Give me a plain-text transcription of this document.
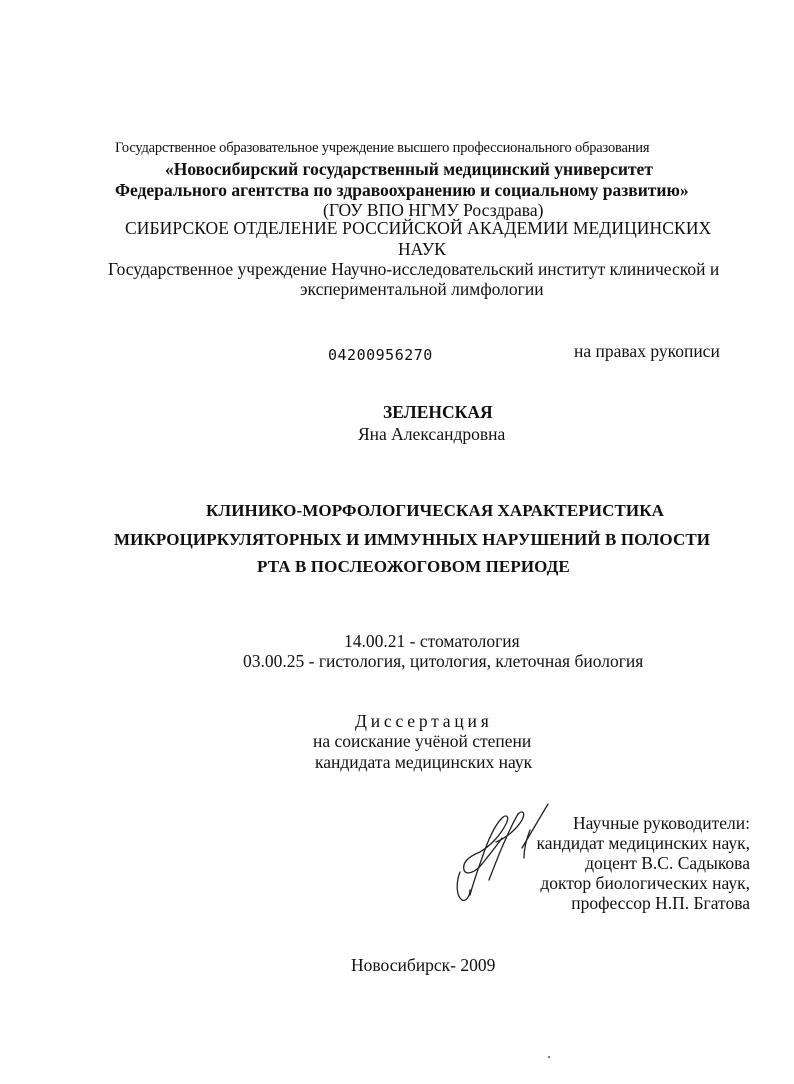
Государственное образовательное учреждение высшего профессионального образования
«Новосибирский государственный медицинский университет
Федерального агентства по здравоохранению и социальному развитию»
(ГОУ ВПО НГМУ Росздрава)
СИБИРСКОЕ ОТДЕЛЕНИЕ РОССИЙСКОЙ АКАДЕМИИ МЕДИЦИНСКИХ
НАУК
Государственное учреждение Научно-исследовательский институт клинической и
экспериментальной лимфологии
04200956270	на правах рукописи
ЗЕЛЕНСКАЯ
Яна Александровна
КЛИНИКО-МОРФОЛОГИЧЕСКАЯ ХАРАКТЕРИСТИКА
МИКРОЦИРКУЛЯТОРНЫХ И ИММУННЫХ НАРУШЕНИЙ В ПОЛОСТИ
РТА В ПОСЛЕОЖОГОВОМ ПЕРИОДЕ
14.00.21 - стоматология
03.00.25 - гистология, цитология, клеточная биология
Диссертация
на соискание учёной степени
кандидата медицинских наук
Научные руководители:
кандидат медицинских наук,
доцент В.С. Садыкова
доктор биологических наук,
профессор Н.П. Бгатова
Новосибирск- 2009
